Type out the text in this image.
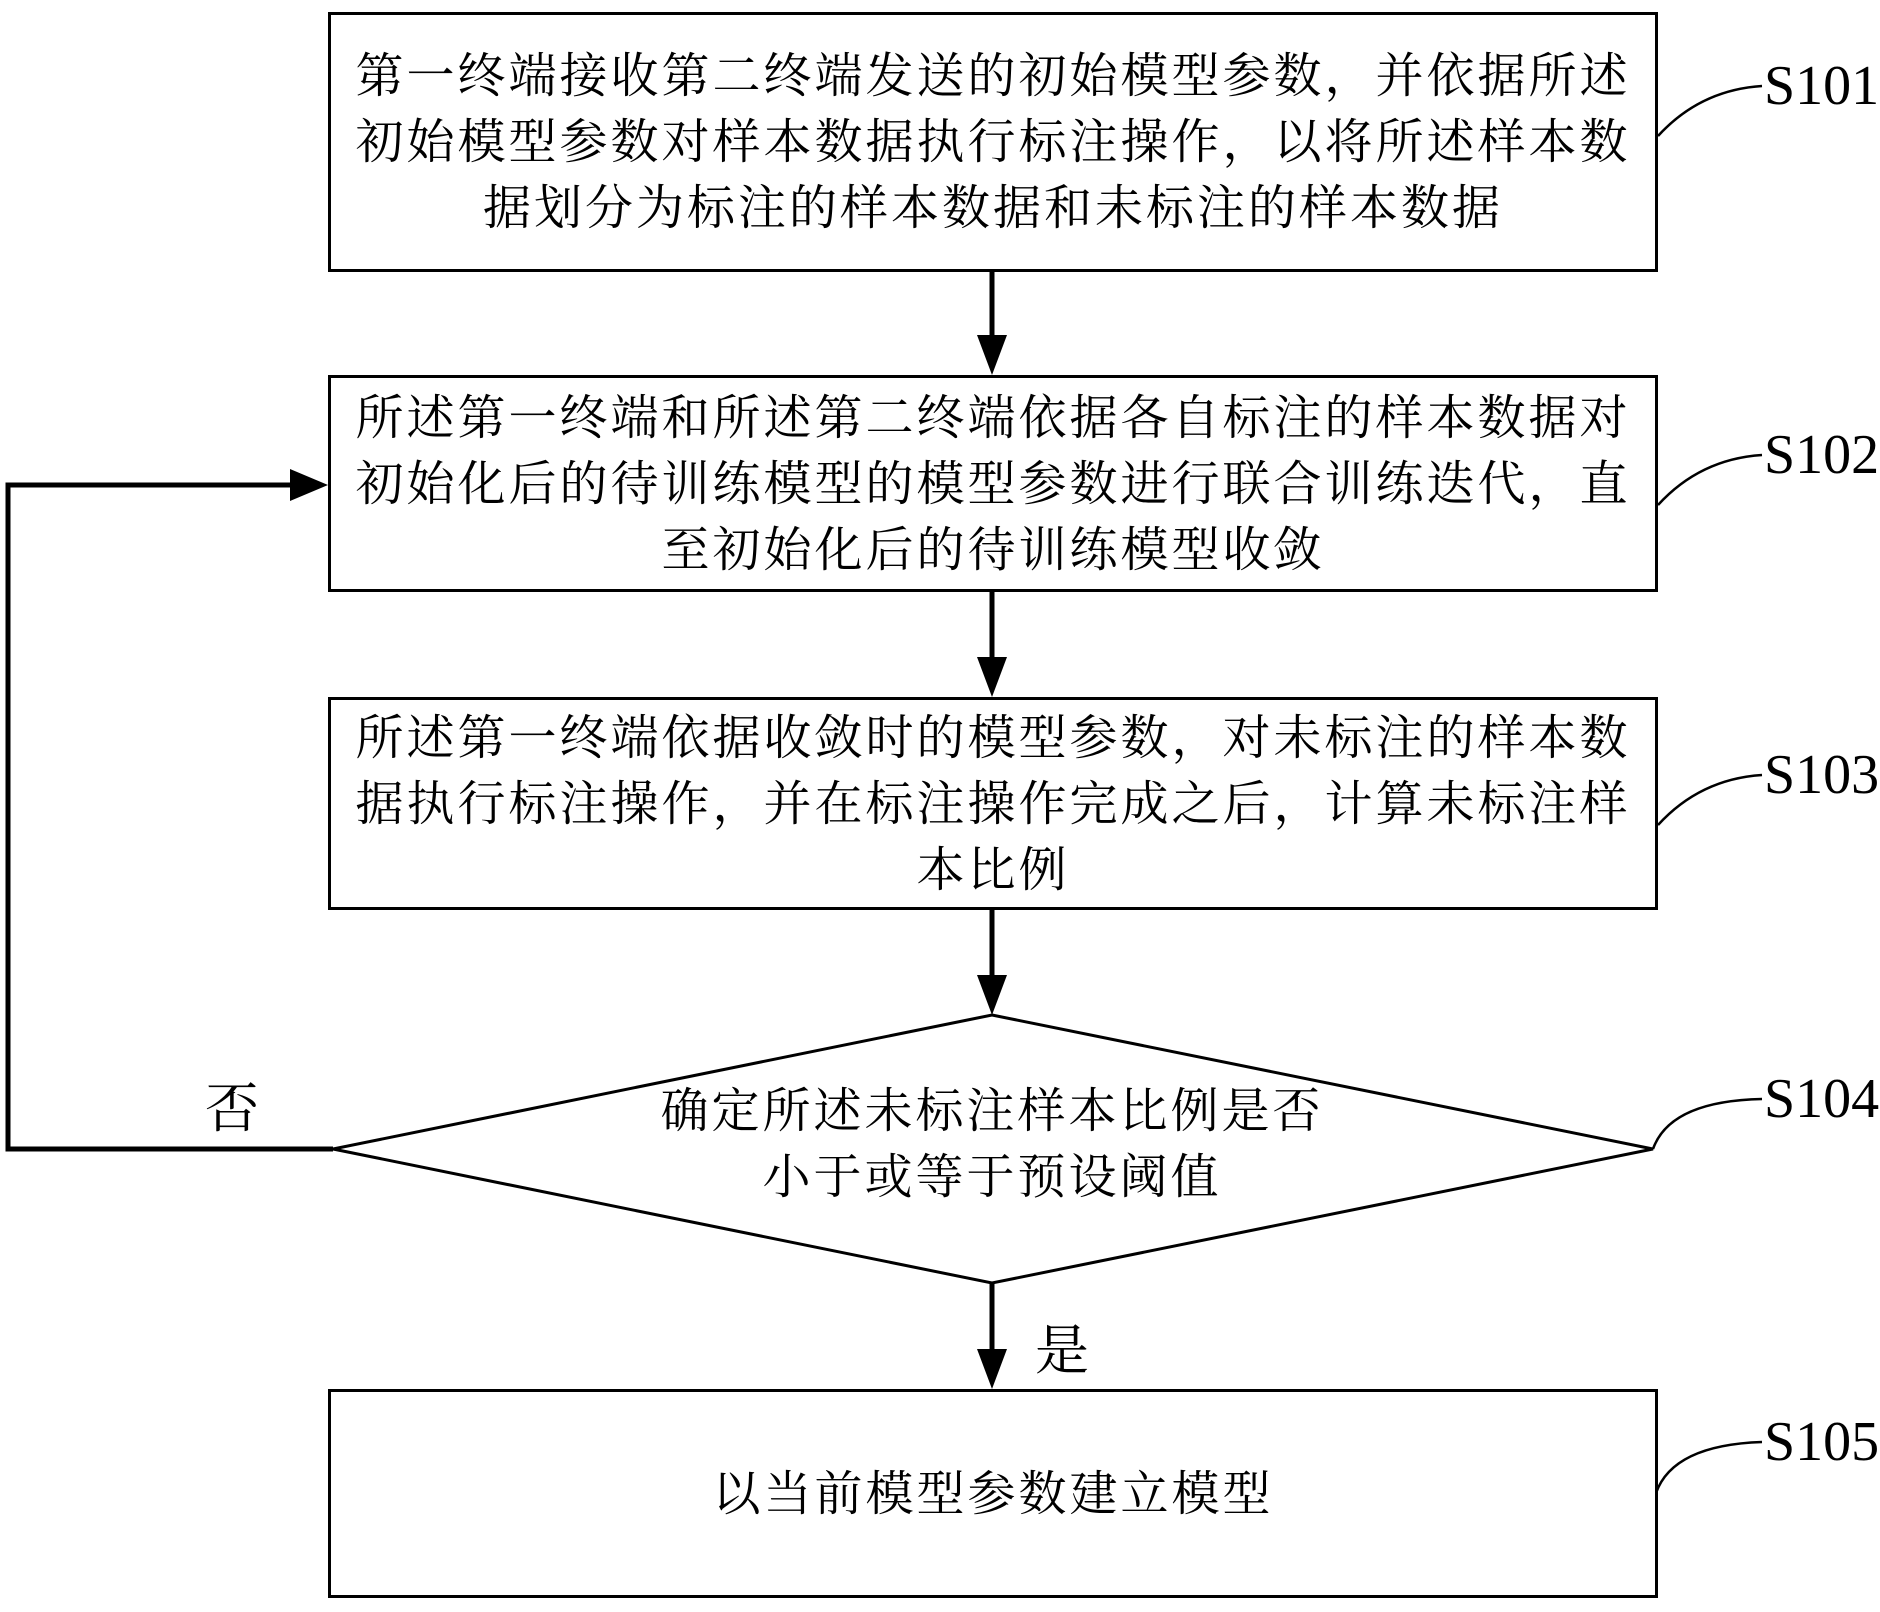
第一终端接收第二终端发送的初始模型参数，并依据所述
初始模型参数对样本数据执行标注操作，以将所述样本数
据划分为标注的样本数据和未标注的样本数据
所述第一终端和所述第二终端依据各自标注的样本数据对
初始化后的待训练模型的模型参数进行联合训练迭代，直
至初始化后的待训练模型收敛
所述第一终端依据收敛时的模型参数，对未标注的样本数
据执行标注操作，并在标注操作完成之后，计算未标注样
本比例
确定所述未标注样本比例是否
小于或等于预设阈值
以当前模型参数建立模型
S101
S102
S103
S104
S105
否
是
